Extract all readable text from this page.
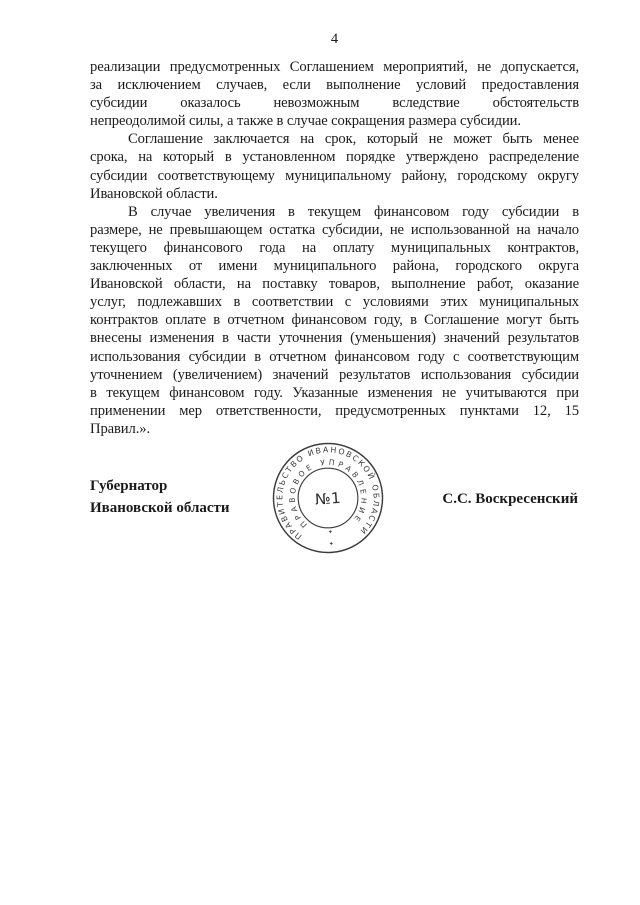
4
реализации предусмотренных Соглашением мероприятий, не допускается,
за исключением случаев, если выполнение условий предоставления
субсидии оказалось невозможным вследствие обстоятельств
непреодолимой силы, а также в случае сокращения размера субсидии.
Соглашение заключается на срок, который не может быть менее
срока, на который в установленном порядке утверждено распределение
субсидии соответствующему муниципальному району, городскому округу
Ивановской области.
В случае увеличения в текущем финансовом году субсидии в
размере, не превышающем остатка субсидии, не использованной на начало
текущего финансового года на оплату муниципальных контрактов,
заключенных от имени муниципального района, городского округа
Ивановской области, на поставку товаров, выполнение работ, оказание
услуг, подлежавших в соответствии с условиями этих муниципальных
контрактов оплате в отчетном финансовом году, в Соглашение могут быть
внесены изменения в части уточнения (уменьшения) значений результатов
использования субсидии в отчетном финансовом году с соответствующим
уточнением (увеличением) значений результатов использования субсидии
в текущем финансовом году. Указанные изменения не учитываются при
применении мер ответственности, предусмотренных пунктами 12, 15
Правил.».
Губернатор
Ивановской области
ПРАВИТЕЛЬСТВО ИВАНОВСКОЙ ОБЛАСТИ
ПРАВОВОЕ УПРАВЛЕНИЕ
№1
✦
✦
С.С. Воскресенский
